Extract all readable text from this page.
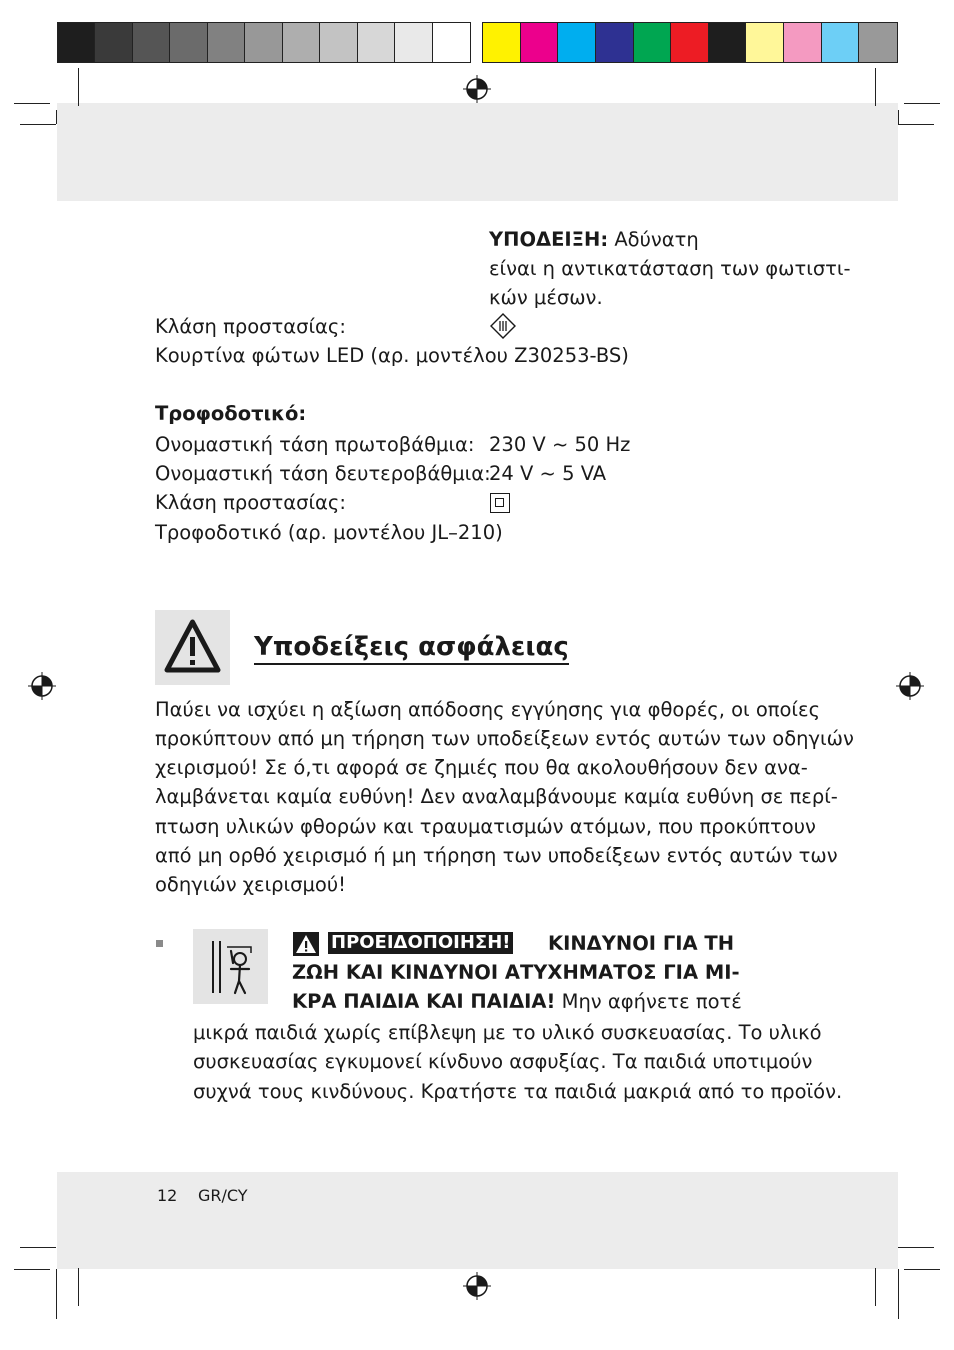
ΥΠΟΔΕΙΞΗ: Αδύνατη
είναι η αντικατάσταση των φωτιστι-
κών μέσων.
Κλάση προστασίας:
Κουρτίνα φώτων LED (αρ. μοντέλου Z30253-BS)
Τροφοδοτικό:
Ονομαστική τάση πρωτοβάθμια: 230 V ~ 50 Hz
Ονομαστική τάση δευτεροβάθμια:
24 V ~ 5 VA
Κλάση προστασίας:
Τροφοδοτικό (αρ. μοντέλου JL–210)
Υποδείξεις ασφάλειας
Παύει να ισχύει η αξίωση απόδοσης εγγύησης για φθορές, οι οποίες
προκύπτουν από μη τήρηση των υποδείξεων εντός αυτών των οδηγιών
χειρισμού! Σε ό,τι αφορά σε ζημιές που θα ακολουθήσουν δεν ανα-
λαμβάνεται καμία ευθύνη! Δεν αναλαμβάνουμε καμία ευθύνη σε περί-
πτωση υλικών φθορών και τραυματισμών ατόμων, που προκύπτουν
από μη ορθό χειρισμό ή μη τήρηση των υποδείξεων εντός αυτών των
οδηγιών χειρισμού!
ΠΡΟΕΙΔΟΠΟΙΗΣΗ! ΚΙΝΔΥΝΟΙ ΓΙΑ ΤΗ
ΖΩΗ ΚΑΙ ΚΙΝΔΥΝΟΙ ΑΤΥΧΗΜΑΤΟΣ ΓΙΑ ΜΙ-
ΚΡΑ ΠΑΙΔΙΑ ΚΑΙ ΠΑΙΔΙΑ! Μην αφήνετε ποτέ
μικρά παιδιά χωρίς επίβλεψη με το υλικό συσκευασίας. Το υλικό
συσκευασίας εγκυμονεί κίνδυνο ασφυξίας. Τα παιδιά υποτιμούν
συχνά τους κινδύνους. Κρατήστε τα παιδιά μακριά από το προϊόν.
12 GR/CY
